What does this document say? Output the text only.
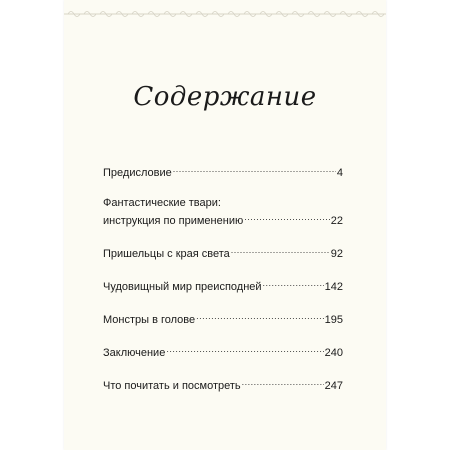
Содержание
Предисловие .....	4
Фантастические твари:
инструкция по применению .....	22
Пришельцы с края света .....	92
Чудовищный мир преисподней .....	142
Монстры в голове .....	195
Заключение .....	240
Что почитать и посмотреть .....	247
